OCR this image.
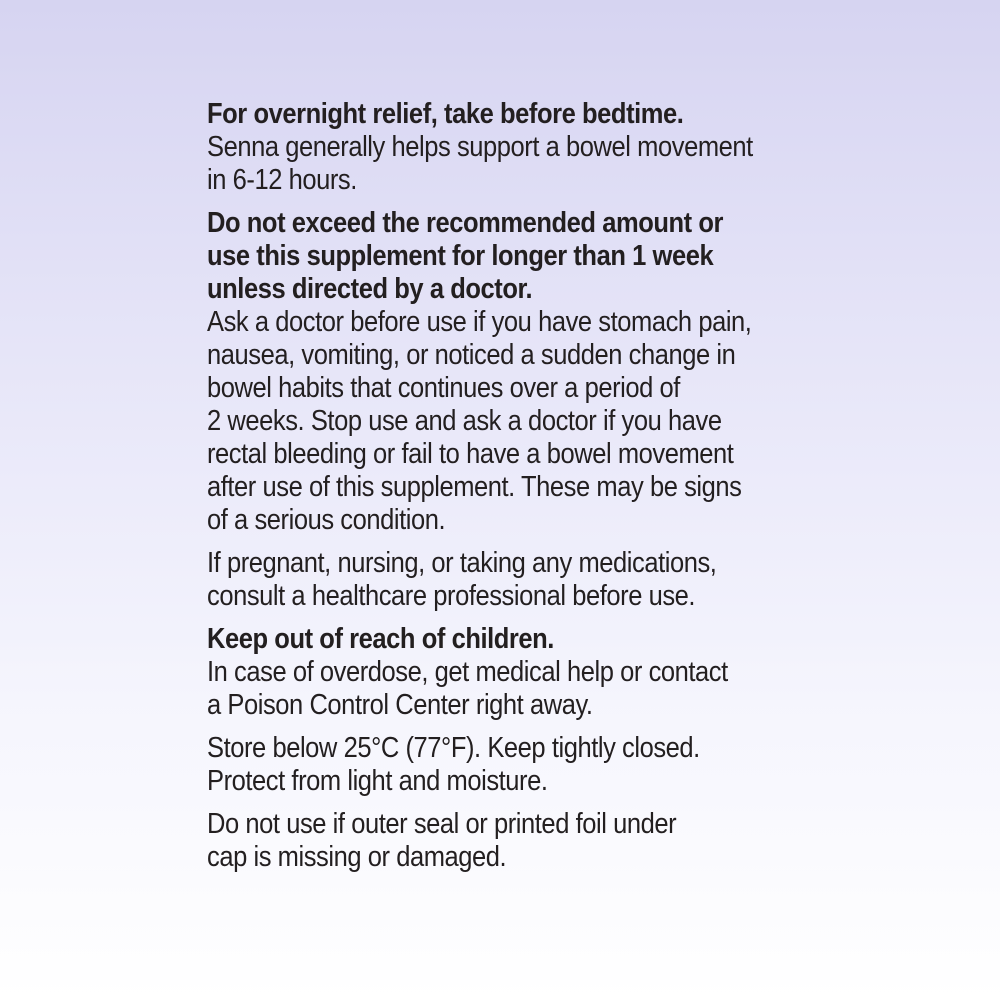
For overnight relief, take before bedtime.
Senna generally helps support a bowel movement
in 6-12 hours.
Do not exceed the recommended amount or
use this supplement for longer than 1 week
unless directed by a doctor.
Ask a doctor before use if you have stomach pain,
nausea, vomiting, or noticed a sudden change in
bowel habits that continues over a period of
2 weeks. Stop use and ask a doctor if you have
rectal bleeding or fail to have a bowel movement
after use of this supplement. These may be signs
of a serious condition.
If pregnant, nursing, or taking any medications,
consult a healthcare professional before use.
Keep out of reach of children.
In case of overdose, get medical help or contact
a Poison Control Center right away.
Store below 25°C (77°F). Keep tightly closed.
Protect from light and moisture.
Do not use if outer seal or printed foil under
cap is missing or damaged.
